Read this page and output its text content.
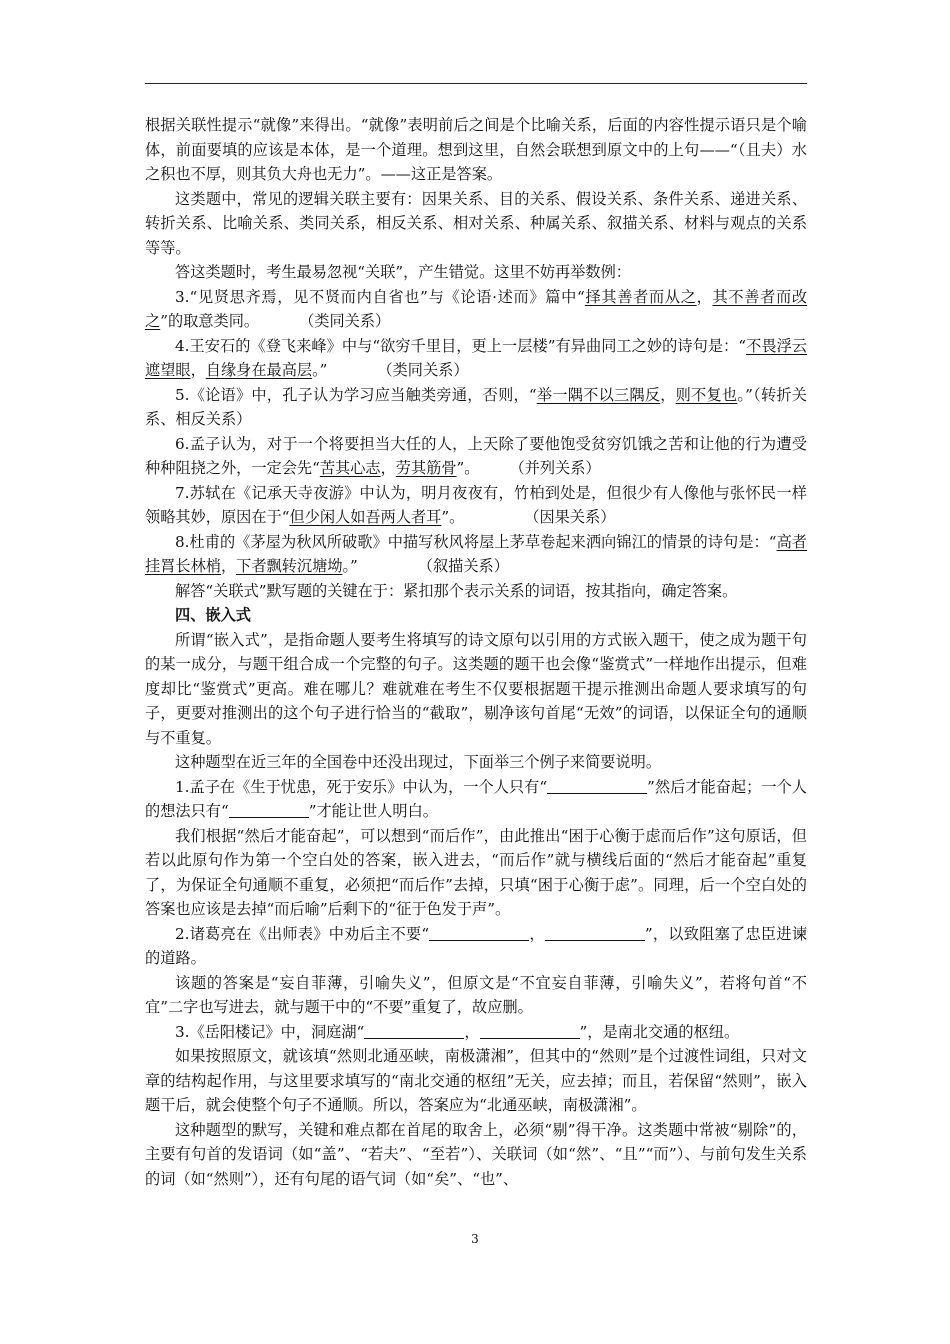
根据关联性提示“就像”来得出。“就像”表明前后之间是个比喻关系，后面的内容性提示语只是个喻体，前面要填的应该是本体，是一个道理。想到这里，自然会联想到原文中的上句——“（且夫）水之积也不厚，则其负大舟也无力”。——这正是答案。

这类题中，常见的逻辑关联主要有：因果关系、目的关系、假设关系、条件关系、递进关系、转折关系、比喻关系、类同关系，相反关系、相对关系、种属关系、叙描关系、材料与观点的关系等等。

答这类题时，考生最易忽视“关联”，产生错觉。这里不妨再举数例：

3.“见贤思齐焉，见不贤而内自省也”与《论语·述而》篇中“择其善者而从之，其不善者而改之”的取意类同。	（类同关系）

4.王安石的《登飞来峰》中与“欲穷千里目，更上一层楼”有异曲同工之妙的诗句是：“不畏浮云遮望眼，自缘身在最高层。”	（类同关系）

5.《论语》中，孔子认为学习应当触类旁通，否则，“举一隅不以三隅反，则不复也。”（转折关系、相反关系）

6.孟子认为，对于一个将要担当大任的人，上天除了要他饱受贫穷饥饿之苦和让他的行为遭受种种阻挠之外，一定会先“苦其心志，劳其筋骨”。 （并列关系）

7.苏轼在《记承天寺夜游》中认为，明月夜夜有，竹柏到处是，但很少有人像他与张怀民一样领略其妙，原因在于“但少闲人如吾两人者耳”。	（因果关系）

8.杜甫的《茅屋为秋风所破歌》中描写秋风将屋上茅草卷起来洒向锦江的情景的诗句是：“高者挂罥长林梢，下者飘转沉塘坳。”	（叙描关系）

解答“关联式”默写题的关键在于：紧扣那个表示关系的词语，按其指向，确定答案。

四、嵌入式

所谓“嵌入式”，是指命题人要考生将填写的诗文原句以引用的方式嵌入题干，使之成为题干句的某一成分，与题干组合成一个完整的句子。这类题的题干也会像“鉴赏式”一样地作出提示，但难度却比“鉴赏式”更高。难在哪儿？难就难在考生不仅要根据题干提示推测出命题人要求填写的句子，更要对推测出的这个句子进行恰当的“截取”，剔净该句首尾“无效”的词语，以保证全句的通顺与不重复。

这种题型在近三年的全国卷中还没出现过，下面举三个例子来简要说明。

1.孟子在《生于忧患，死于安乐》中认为，一个人只有“	”然后才能奋起；一个人的想法只有“	”才能让世人明白。

我们根据“然后才能奋起”，可以想到“而后作”，由此推出“困于心衡于虑而后作”这句原话，但若以此原句作为第一个空白处的答案，嵌入进去，“而后作”就与横线后面的“然后才能奋起”重复了，为保证全句通顺不重复，必须把“而后作”去掉，只填“困于心衡于虑”。同理，后一个空白处的答案也应该是去掉“而后喻”后剩下的“征于色发于声”。

2.诸葛亮在《出师表》中劝后主不要“	，	”，以致阻塞了忠臣进谏的道路。

该题的答案是“妄自菲薄，引喻失义”，但原文是“不宜妄自菲薄，引喻失义”，若将句首“不宜”二字也写进去，就与题干中的“不要”重复了，故应删。

3.《岳阳楼记》中，洞庭湖“	，	”，是南北交通的枢纽。

如果按照原文，就该填“然则北通巫峡，南极潇湘”，但其中的“然则”是个过渡性词组，只对文章的结构起作用，与这里要求填写的“南北交通的枢纽”无关，应去掉；而且，若保留“然则”，嵌入题干后，就会使整个句子不通顺。所以，答案应为“北通巫峡，南极潇湘”。

这种题型的默写，关键和难点都在首尾的取舍上，必须“剔”得干净。这类题中常被“剔除”的，主要有句首的发语词（如“盖”、“若夫”、“至若”）、关联词（如“然”、“且”“而”）、与前句发生关系的词（如“然则”），还有句尾的语气词（如“矣”、“也”、

3
